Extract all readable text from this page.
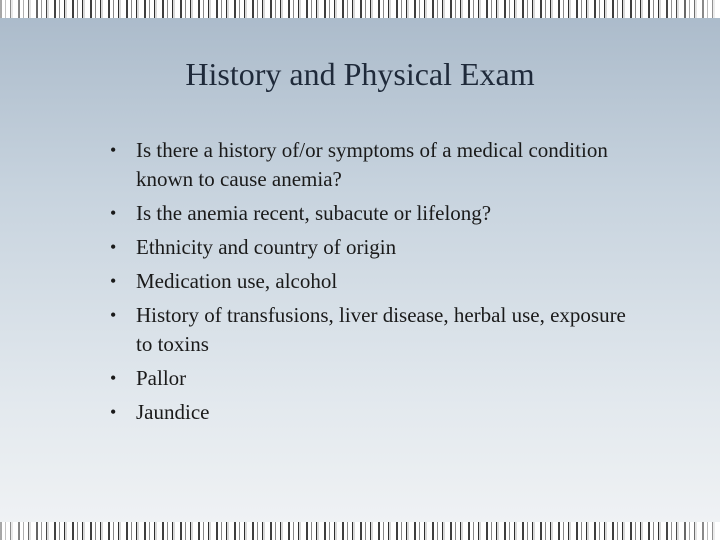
History and Physical Exam
• Is there a history of/or symptoms of a medical condition known to cause anemia?
• Is the anemia recent, subacute or lifelong?
• Ethnicity and country of origin
• Medication use, alcohol
• History of transfusions, liver disease, herbal use, exposure to toxins
• Pallor
• Jaundice
